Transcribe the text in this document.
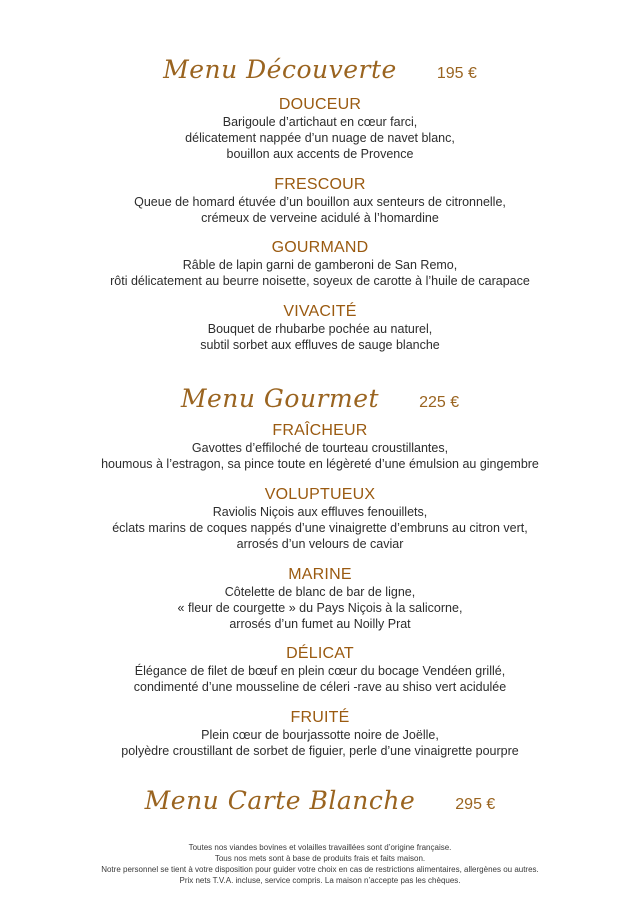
Menu Découverte	195 €
DOUCEUR
Barigoule d’artichaut en cœur farci,
délicatement nappée d’un nuage de navet blanc,
bouillon aux accents de Provence
FRESCOUR
Queue de homard étuvée d’un bouillon aux senteurs de citronnelle,
crémeux de verveine acidulé à l’homardine
GOURMAND
Râble de lapin garni de gamberoni de San Remo,
rôti délicatement au beurre noisette, soyeux de carotte à l’huile de carapace
VIVACITÉ
Bouquet de rhubarbe pochée au naturel,
subtil sorbet aux effluves de sauge blanche
Menu Gourmet	225 €
FRAÎCHEUR
Gavottes d’effiloché de tourteau croustillantes,
houmous à l’estragon, sa pince toute en légèreté d’une émulsion au gingembre
VOLUPTUEUX
Raviolis Niçois aux effluves fenouillets,
éclats marins de coques nappés d’une vinaigrette d’embruns au citron vert,
arrosés d’un velours de caviar
MARINE
Côtelette de blanc de bar de ligne,
« fleur de courgette » du Pays Niçois à la salicorne,
arrosés d’un fumet au Noilly Prat
DÉLICAT
Élégance de filet de bœuf en plein cœur du bocage Vendéen grillé,
condimenté d’une mousseline de céleri -rave au shiso vert acidulée
FRUITÉ
Plein cœur de bourjassotte noire de Joëlle,
polyèdre croustillant de sorbet de figuier, perle d’une vinaigrette pourpre
Menu Carte Blanche	295 €
Toutes nos viandes bovines et volailles travaillées sont d’origine française.
Tous nos mets sont à base de produits frais et faits maison.
Notre personnel se tient à votre disposition pour guider votre choix en cas de restrictions alimentaires, allergènes ou autres.
Prix nets T.V.A. incluse, service compris. La maison n’accepte pas les chèques.
